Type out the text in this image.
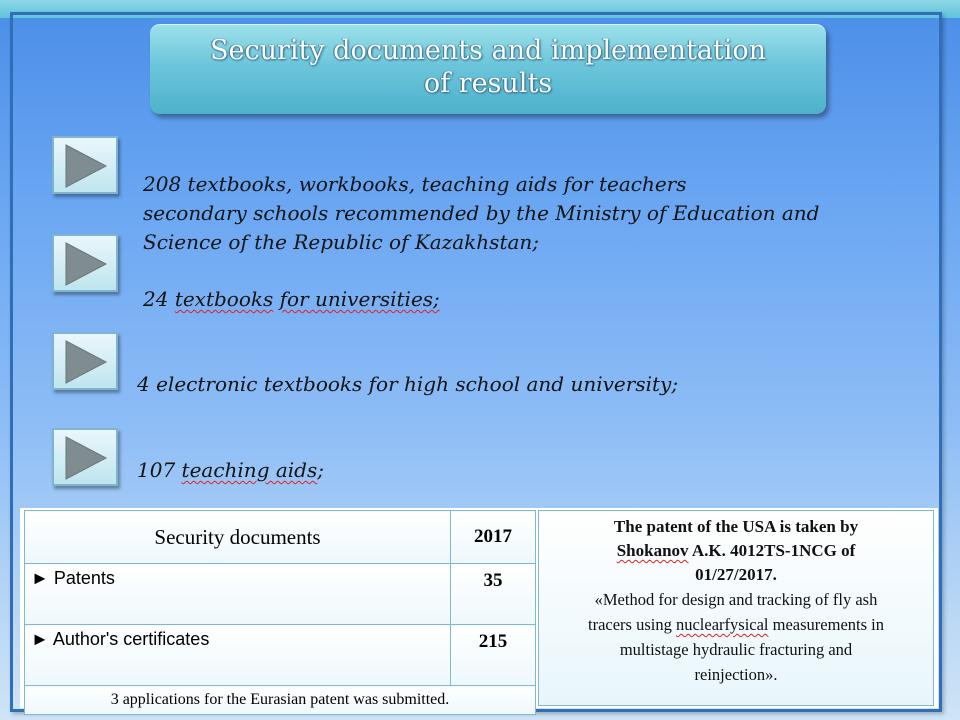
Security documents and implementation
of results
208 textbooks, workbooks, teaching aids for teachers
secondary schools recommended by the Ministry of Education and
Science of the Republic of Kazakhstan;
24 textbooks for universities;
4 electronic textbooks for high school and university;
107 teaching aids;
Security documents	2017
► Patents	35
► Author's certificates	215
3 applications for the Eurasian patent was submitted.	
The patent of the USA is taken by
Shokanov A.K. 4012TS-1NCG of
01/27/2017.
«Method for design and tracking of fly ash
tracers using nuclearfysical measurements in
multistage hydraulic fracturing and
reinjection».
